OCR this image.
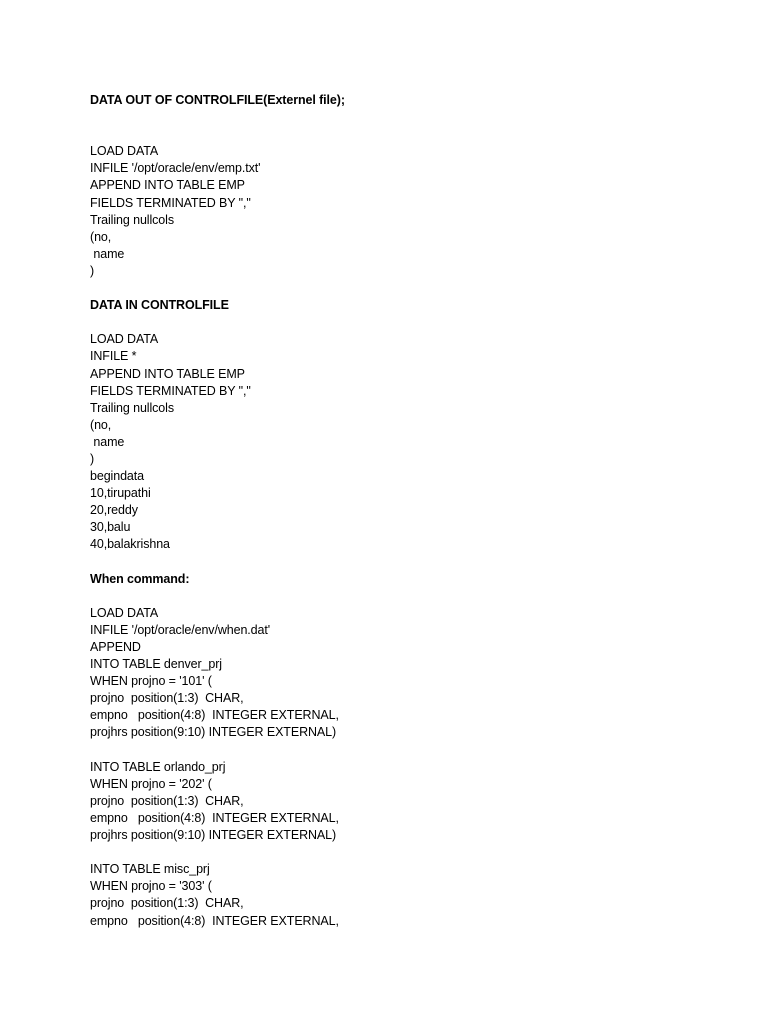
DATA OUT OF CONTROLFILE(Externel file);
LOAD DATA
INFILE '/opt/oracle/env/emp.txt'
APPEND INTO TABLE EMP
FIELDS TERMINATED BY ","
Trailing nullcols
(no,
name
)
DATA IN CONTROLFILE
LOAD DATA
INFILE *
APPEND INTO TABLE EMP
FIELDS TERMINATED BY ","
Trailing nullcols
(no,
name
)
begindata
10,tirupathi
20,reddy
30,balu
40,balakrishna
When command:
LOAD DATA
INFILE '/opt/oracle/env/when.dat'
APPEND
INTO TABLE denver_prj
WHEN projno = '101' (
projno  position(1:3)  CHAR,
empno   position(4:8)  INTEGER EXTERNAL,
projhrs position(9:10) INTEGER EXTERNAL)
INTO TABLE orlando_prj
WHEN projno = '202' (
projno  position(1:3)  CHAR,
empno   position(4:8)  INTEGER EXTERNAL,
projhrs position(9:10) INTEGER EXTERNAL)
INTO TABLE misc_prj
WHEN projno = '303' (
projno  position(1:3)  CHAR,
empno   position(4:8)  INTEGER EXTERNAL,
